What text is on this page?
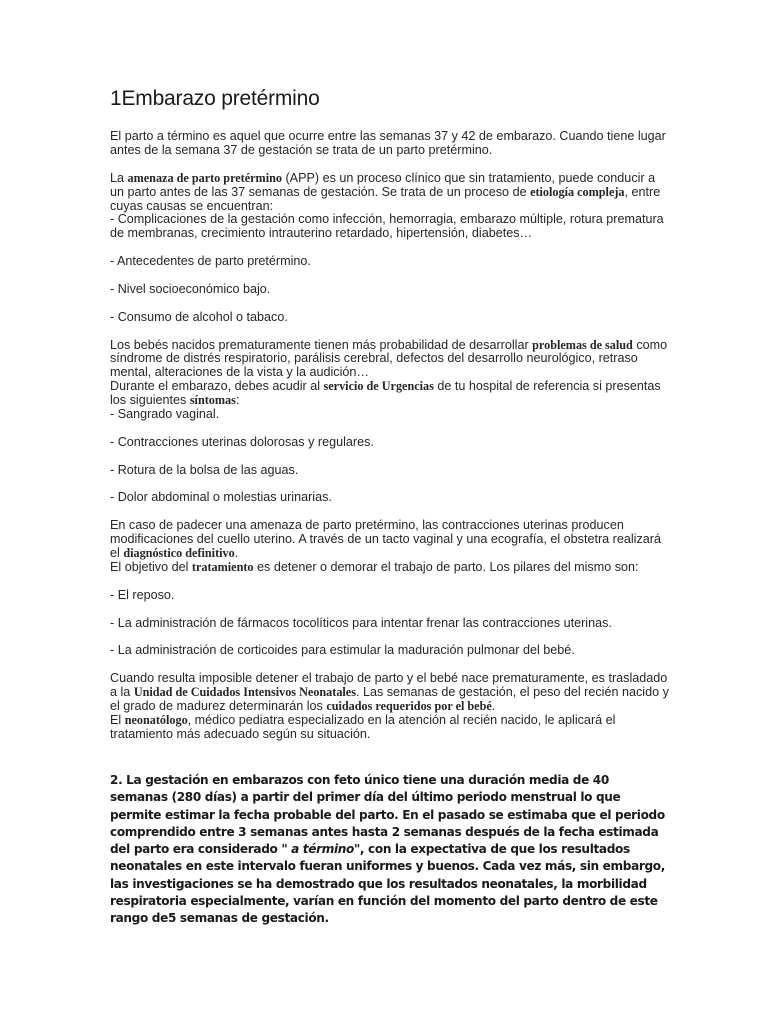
1Embarazo pretérmino

El parto a término es aquel que ocurre entre las semanas 37 y 42 de embarazo. Cuando tiene lugar antes de la semana 37 de gestación se trata de un parto pretérmino.

La amenaza de parto pretérmino (APP) es un proceso clínico que sin tratamiento, puede conducir a un parto antes de las 37 semanas de gestación. Se trata de un proceso de etiología compleja, entre cuyas causas se encuentran:
- Complicaciones de la gestación como infección, hemorragia, embarazo múltiple, rotura prematura de membranas, crecimiento intrauterino retardado, hipertensión, diabetes…

- Antecedentes de parto pretérmino.

- Nivel socioeconómico bajo.

- Consumo de alcohol o tabaco.

Los bebés nacidos prematuramente tienen más probabilidad de desarrollar problemas de salud como síndrome de distrés respiratorio, parálisis cerebral, defectos del desarrollo neurológico, retraso mental, alteraciones de la vista y la audición…
Durante el embarazo, debes acudir al servicio de Urgencias de tu hospital de referencia si presentas los siguientes síntomas:
- Sangrado vaginal.

- Contracciones uterinas dolorosas y regulares.

- Rotura de la bolsa de las aguas.

- Dolor abdominal o molestias urinarias.

En caso de padecer una amenaza de parto pretérmino, las contracciones uterinas producen modificaciones del cuello uterino. A través de un tacto vaginal y una ecografía, el obstetra realizará el diagnóstico definitivo.
El objetivo del tratamiento es detener o demorar el trabajo de parto. Los pilares del mismo son:

- El reposo.

- La administración de fármacos tocolíticos para intentar frenar las contracciones uterinas.

- La administración de corticoides para estimular la maduración pulmonar del bebé.

Cuando resulta imposible detener el trabajo de parto y el bebé nace prematuramente, es trasladado a la Unidad de Cuidados Intensivos Neonatales. Las semanas de gestación, el peso del recién nacido y el grado de madurez determinarán los cuidados requeridos por el bebé.
El neonatólogo, médico pediatra especializado en la atención al recién nacido, le aplicará el tratamiento más adecuado según su situación.

2. La gestación en embarazos con feto único tiene una duración media de 40 semanas (280 días) a partir del primer día del último periodo menstrual lo que permite estimar la fecha probable del parto. En el pasado se estimaba que el periodo comprendido entre 3 semanas antes hasta 2 semanas después de la fecha estimada del parto era considerado " a término", con la expectativa de que los resultados neonatales en este intervalo fueran uniformes y buenos. Cada vez más, sin embargo, las investigaciones se ha demostrado que los resultados neonatales, la morbilidad respiratoria especialmente, varían en función del momento del parto dentro de este rango de5 semanas de gestación.
